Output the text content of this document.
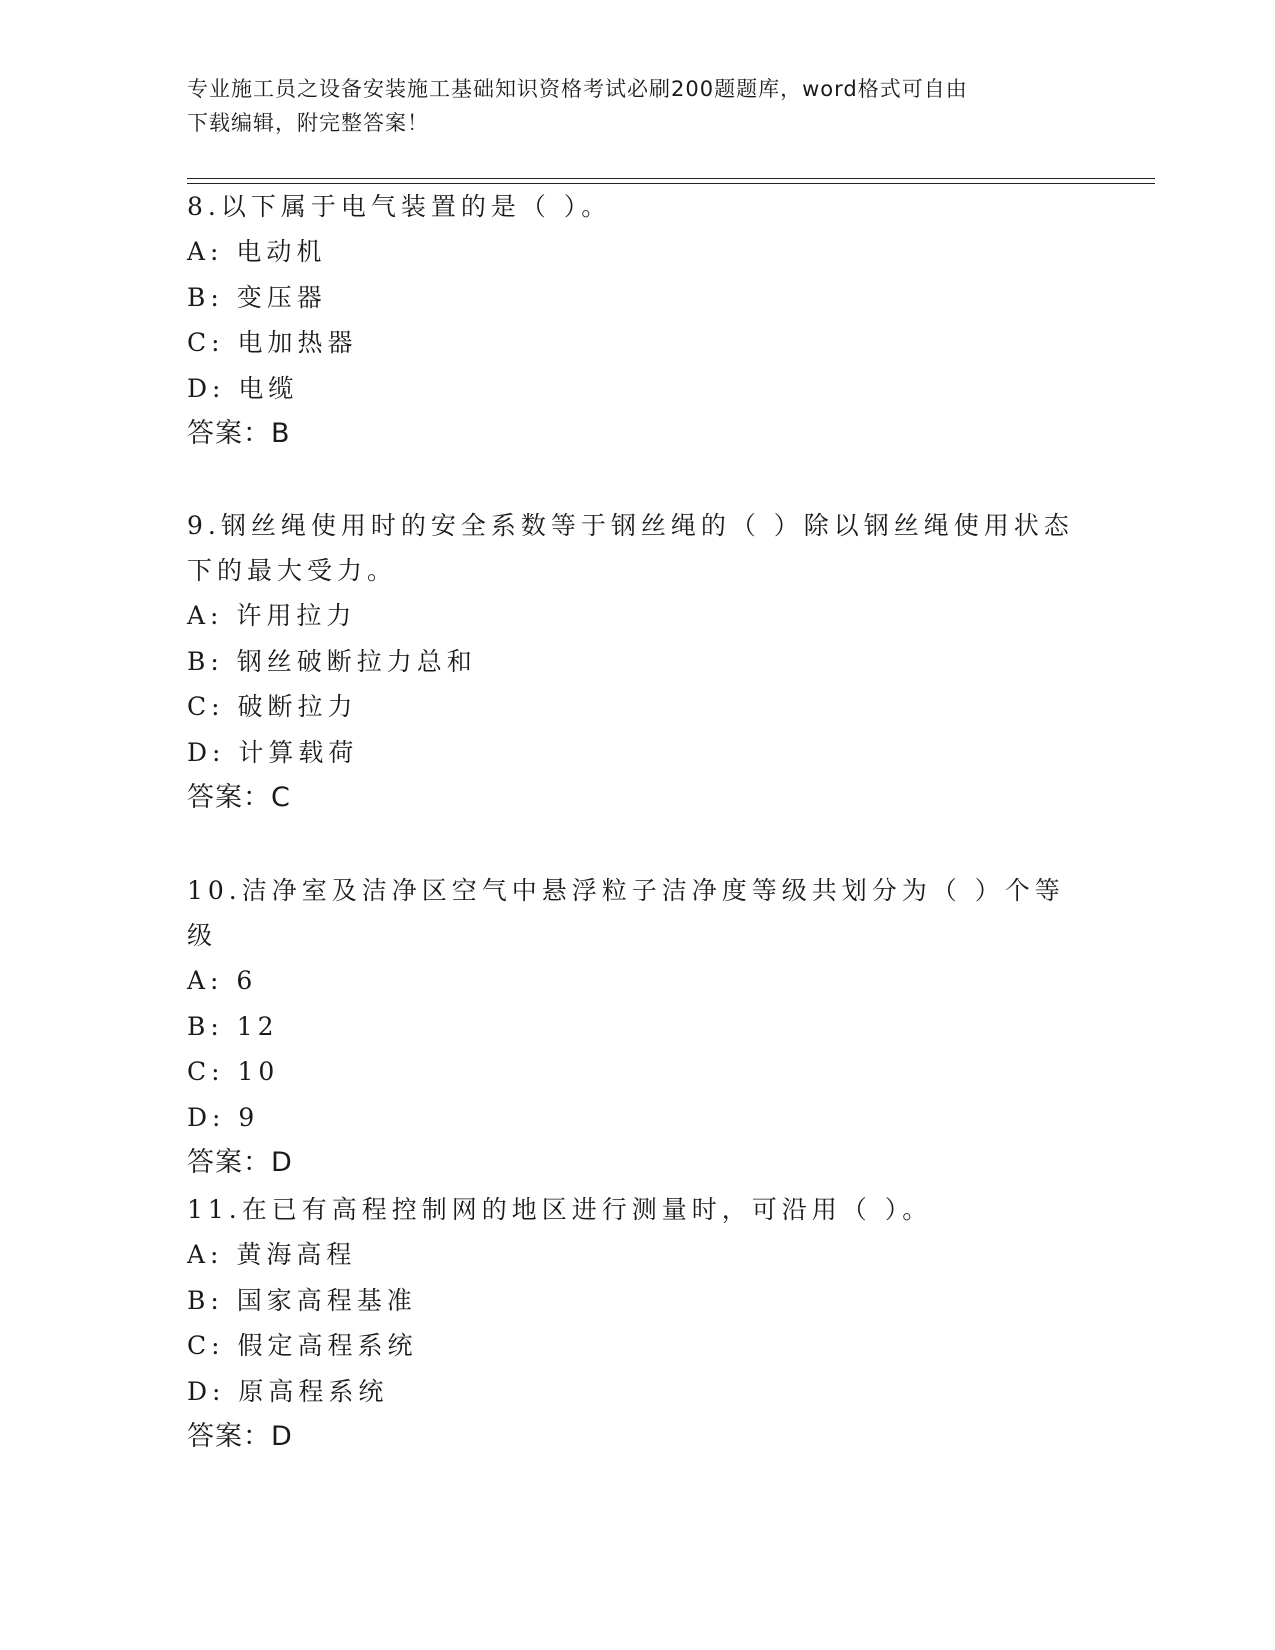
专业施工员之设备安装施工基础知识资格考试必刷200题题库，word格式可自由
下载编辑，附完整答案！

8.以下属于电气装置的是（ ）。

A: 电动机

B: 变压器

C: 电加热器

D: 电缆

答案：B

9.钢丝绳使用时的安全系数等于钢丝绳的（ ）除以钢丝绳使用状态下的最大受力。

A: 许用拉力

B: 钢丝破断拉力总和

C: 破断拉力

D: 计算载荷

答案：C

10.洁净室及洁净区空气中悬浮粒子洁净度等级共划分为（ ）个等级

A: 6

B: 12

C: 10

D: 9

答案：D

11.在已有高程控制网的地区进行测量时，可沿用（ ）。

A: 黄海高程

B: 国家高程基准

C: 假定高程系统

D: 原高程系统

答案：D
